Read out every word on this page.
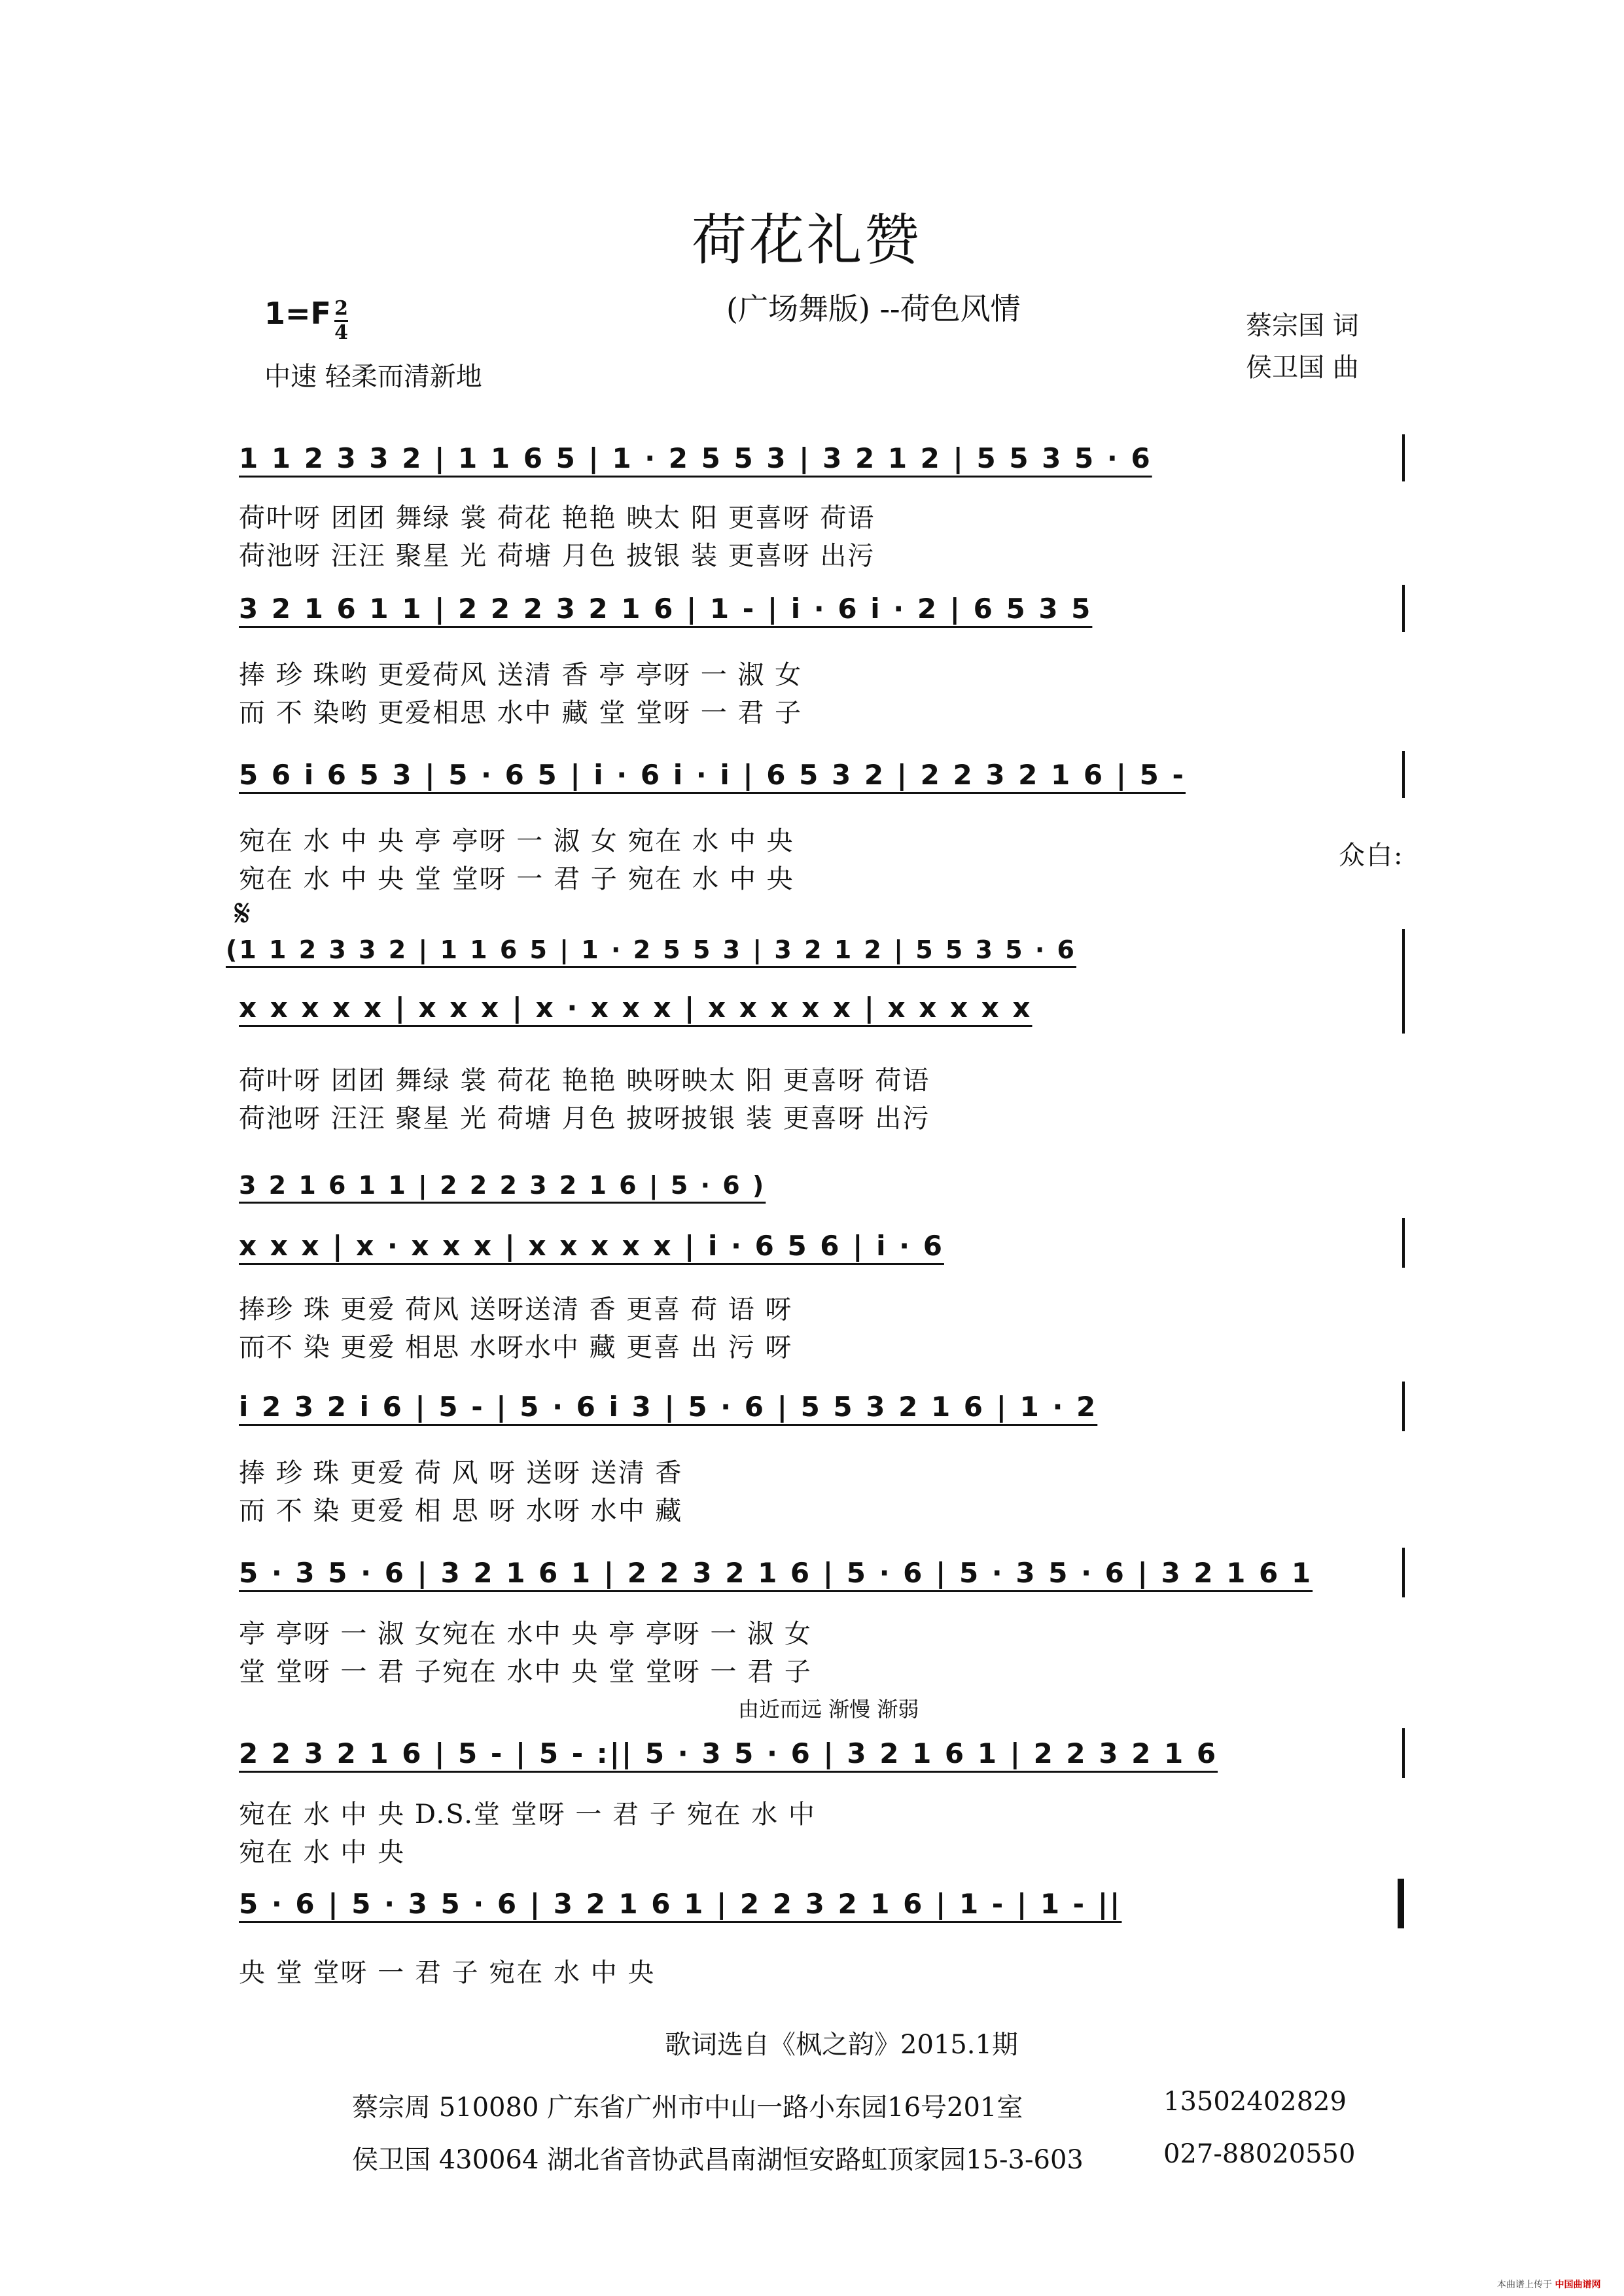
荷花礼赞
(广场舞版) --荷色风情	蔡宗国 词
侯卫国 曲
$1=F \frac{2}{4}$
中速 轻柔而清新地
1 1 2 3 3 2 | 1 1 6 5 | 1 · 2 5 5 3 | 3 2 1 2 | 5 5 3 5 · 6
荷叶呀 团团 舞绿 裳 荷花 艳艳 映太 阳 更喜呀 荷语
荷池呀 汪汪 聚星 光 荷塘 月色 披银 装 更喜呀 出污
3 2 1 6 1 1 | 2 2 2 3 2 1 6 | 1 - | i · 6 i · 2 | 6 5 3 5
捧 珍 珠哟 更爱荷风 送清 香 亭 亭呀 一 淑 女
而 不 染哟 更爱相思 水中 藏 堂 堂呀 一 君 子
5 6 i 6 5 3 | 5 · 6 5 | i · 6 i · i | 6 5 3 2 | 2 2 3 2 1 6 | 5 -
宛在 水 中 央 亭 亭呀 一 淑 女 宛在 水 中 央
宛在 水 中 央 堂 堂呀 一 君 子 宛在 水 中 央
众白:
𝄋
(1 1 2 3 3 2 | 1 1 6 5 | 1 · 2 5 5 3 | 3 2 1 2 | 5 5 3 5 · 6
x x x x x | x x x | x · x x x | x x x x x | x x x x x
荷叶呀 团团 舞绿 裳 荷花 艳艳 映呀映太 阳 更喜呀 荷语
荷池呀 汪汪 聚星 光 荷塘 月色 披呀披银 装 更喜呀 出污
3 2 1 6 1 1 | 2 2 2 3 2 1 6 | 5 · 6 )
x x x | x · x x x | x x x x x | i · 6 5 6 | i · 6
捧珍 珠 更爱 荷风 送呀送清 香 更喜 荷 语 呀
而不 染 更爱 相思 水呀水中 藏 更喜 出 污 呀
i 2 3 2 i 6 | 5 - | 5 · 6 i 3 | 5 · 6 | 5 5 3 2 1 6 | 1 · 2
捧 珍 珠 更爱 荷 风 呀 送呀 送清 香
而 不 染 更爱 相 思 呀 水呀 水中 藏
5 · 3 5 · 6 | 3 2 1 6 1 | 2 2 3 2 1 6 | 5 · 6 | 5 · 3 5 · 6 | 3 2 1 6 1
亭 亭呀 一 淑 女宛在 水中 央 亭 亭呀 一 淑 女
堂 堂呀 一 君 子宛在 水中 央 堂 堂呀 一 君 子
由近而远 渐慢 渐弱
2 2 3 2 1 6 | 5 - | 5 - :|| 5 · 3 5 · 6 | 3 2 1 6 1 | 2 2 3 2 1 6
宛在 水 中 央 D.S.堂 堂呀 一 君 子 宛在 水 中
宛在 水 中 央
5 · 6 | 5 · 3 5 · 6 | 3 2 1 6 1 | 2 2 3 2 1 6 | 1 - | 1 - ||
央 堂 堂呀 一 君 子 宛在 水 中 央
歌词选自《枫之韵》2015.1期
蔡宗周 510080 广东省广州市中山一路小东园16号201室	13502402829
侯卫国 430064 湖北省音协武昌南湖恒安路虹顶家园15-3-603	027-88020550
本曲谱上传于 中国曲谱网
